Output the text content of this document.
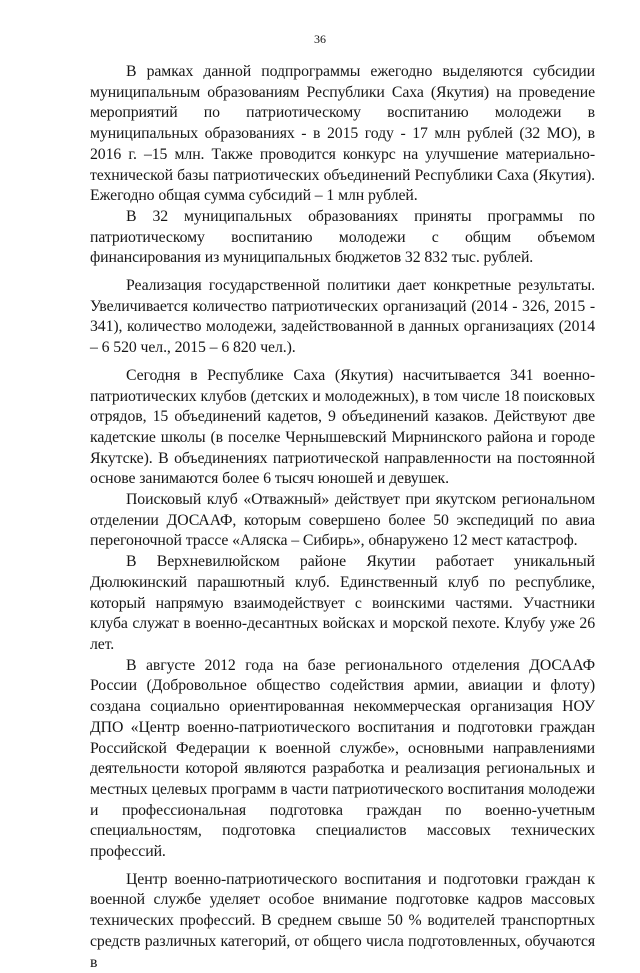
36

В рамках данной подпрограммы ежегодно выделяются субсидии муниципальным образованиям Республики Саха (Якутия) на проведение мероприятий по патриотическому воспитанию молодежи в муниципальных образованиях - в 2015 году - 17 млн рублей (32 МО), в 2016 г. –15 млн. Также проводится конкурс на улучшение материально-технической базы патриотических объединений Республики Саха (Якутия). Ежегодно общая сумма субсидий – 1 млн рублей.

В 32 муниципальных образованиях приняты программы по патриотическому воспитанию молодежи с общим объемом финансирования из муниципальных бюджетов 32 832 тыс. рублей.

Реализация государственной политики дает конкретные результаты. Увеличивается количество патриотических организаций (2014 - 326, 2015 - 341), количество молодежи, задействованной в данных организациях (2014 – 6 520 чел., 2015 – 6 820 чел.).

Сегодня в Республике Саха (Якутия) насчитывается 341 военно-патриотических клубов (детских и молодежных), в том числе 18 поисковых отрядов, 15 объединений кадетов, 9 объединений казаков. Действуют две кадетские школы (в поселке Чернышевский Мирнинского района и городе Якутске). В объединениях патриотической направленности на постоянной основе занимаются более 6 тысяч юношей и девушек.

Поисковый клуб «Отважный» действует при якутском региональном отделении ДОСААФ, которым совершено более 50 экспедиций по авиа перегоночной трассе «Аляска – Сибирь», обнаружено 12 мест катастроф.

В Верхневилюйском районе Якутии работает уникальный Дюлюкинский парашютный клуб. Единственный клуб по республике, который напрямую взаимодействует с воинскими частями. Участники клуба служат в военно-десантных войсках и морской пехоте. Клубу уже 26 лет.

В августе 2012 года на базе регионального отделения ДОСААФ России (Добровольное общество содействия армии, авиации и флоту) создана социально ориентированная некоммерческая организация НОУ ДПО «Центр военно-патриотического воспитания и подготовки граждан Российской Федерации к военной службе», основными направлениями деятельности которой являются разработка и реализация региональных и местных целевых программ в части патриотического воспитания молодежи и профессиональная подготовка граждан по военно-учетным специальностям, подготовка специалистов массовых технических профессий.

Центр военно-патриотического воспитания и подготовки граждан к военной службе уделяет особое внимание подготовке кадров массовых технических профессий. В среднем свыше 50 % водителей транспортных средств различных категорий, от общего числа подготовленных, обучаются в
